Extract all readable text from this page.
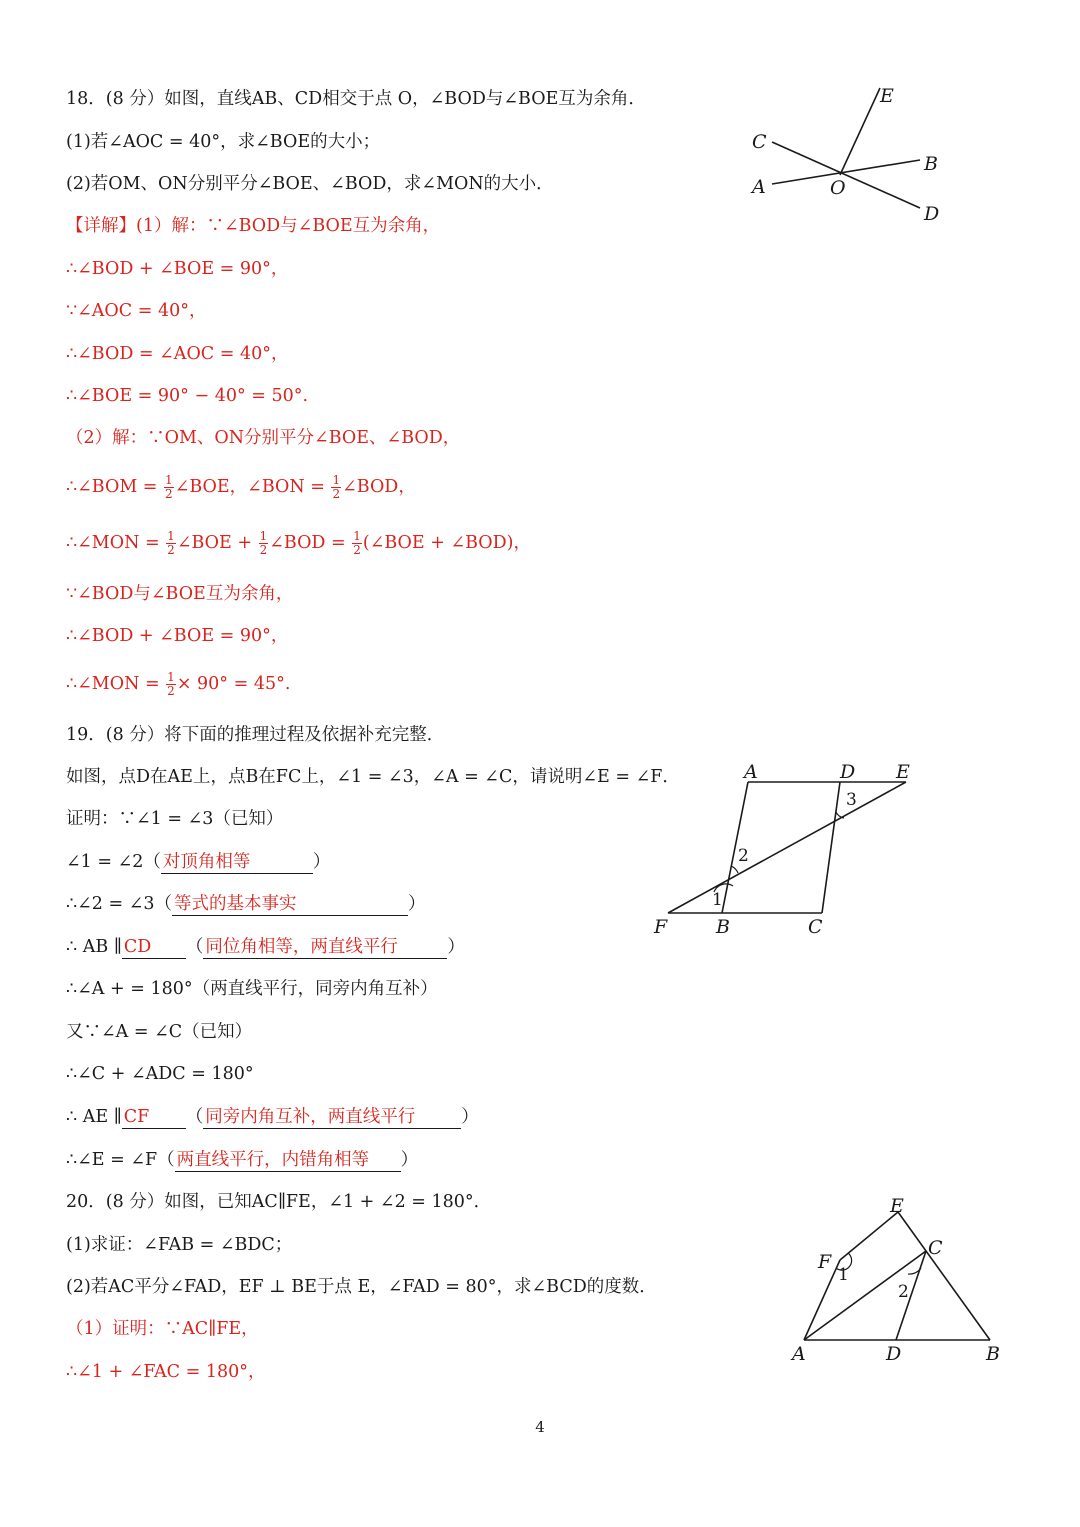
18．(8 分）如图，直线AB、CD相交于点 O，∠BOD与∠BOE互为余角．
(1)若∠AOC = 40°，求∠BOE的大小；
(2)若OM、ON分别平分∠BOE、∠BOD，求∠MON的大小．
【详解】(1）解：∵∠BOD与∠BOE互为余角，
∴∠BOD + ∠BOE = 90°，
∵∠AOC = 40°，
∴∠BOD = ∠AOC = 40°，
∴∠BOE = 90° − 40° = 50°.
（2）解：∵OM、ON分别平分∠BOE、∠BOD，
∴∠BOM = $\frac{1}{2}$ ∠BOE，∠BON = $\frac{1}{2}$ ∠BOD，
∴∠MON = $\frac{1}{2}$ ∠BOE + $\frac{1}{2}$ ∠BOD = $\frac{1}{2}$ (∠BOE + ∠BOD)，
∵∠BOD与∠BOE互为余角，
∴∠BOD + ∠BOE = 90°，
∴∠MON = $\frac{1}{2} \times 90^\circ = 45^\circ$.
E
C
B
A	O
D
19．(8 分）将下面的推理过程及依据补充完整．
如图，点D在AE上，点B在FC上，∠1 = ∠3，∠A = ∠C，请说明∠E = ∠F．
证明：∵∠1 = ∠3（已知）
∠1 = ∠2（ 对顶角相等	）
∴∠2 = ∠3（ 等式的基本事实	）
∴ AB ∥ CD （ 同位角相等，两直线平行	）
∴∠A + = 180°（两直线平行，同旁内角互补）
又∵∠A = ∠C（已知）
∴∠C + ∠ADC = 180°
∴ AE ∥ CF （ 同旁内角互补，两直线平行	）
∴∠E = ∠F（ 两直线平行，内错角相等 ）
A	D E
F	B	C
1
2
3
20．(8 分）如图，已知AC∥FE，∠1 + ∠2 = 180°．
(1)求证：∠FAB = ∠BDC；
(2)若AC平分∠FAD，EF ⊥ BE于点 E，∠FAD = 80°，求∠BCD的度数．
（1）证明：∵AC∥FE，
∴∠1 + ∠FAC = 180°，
E
F
C
A	D	B
1
2
4
